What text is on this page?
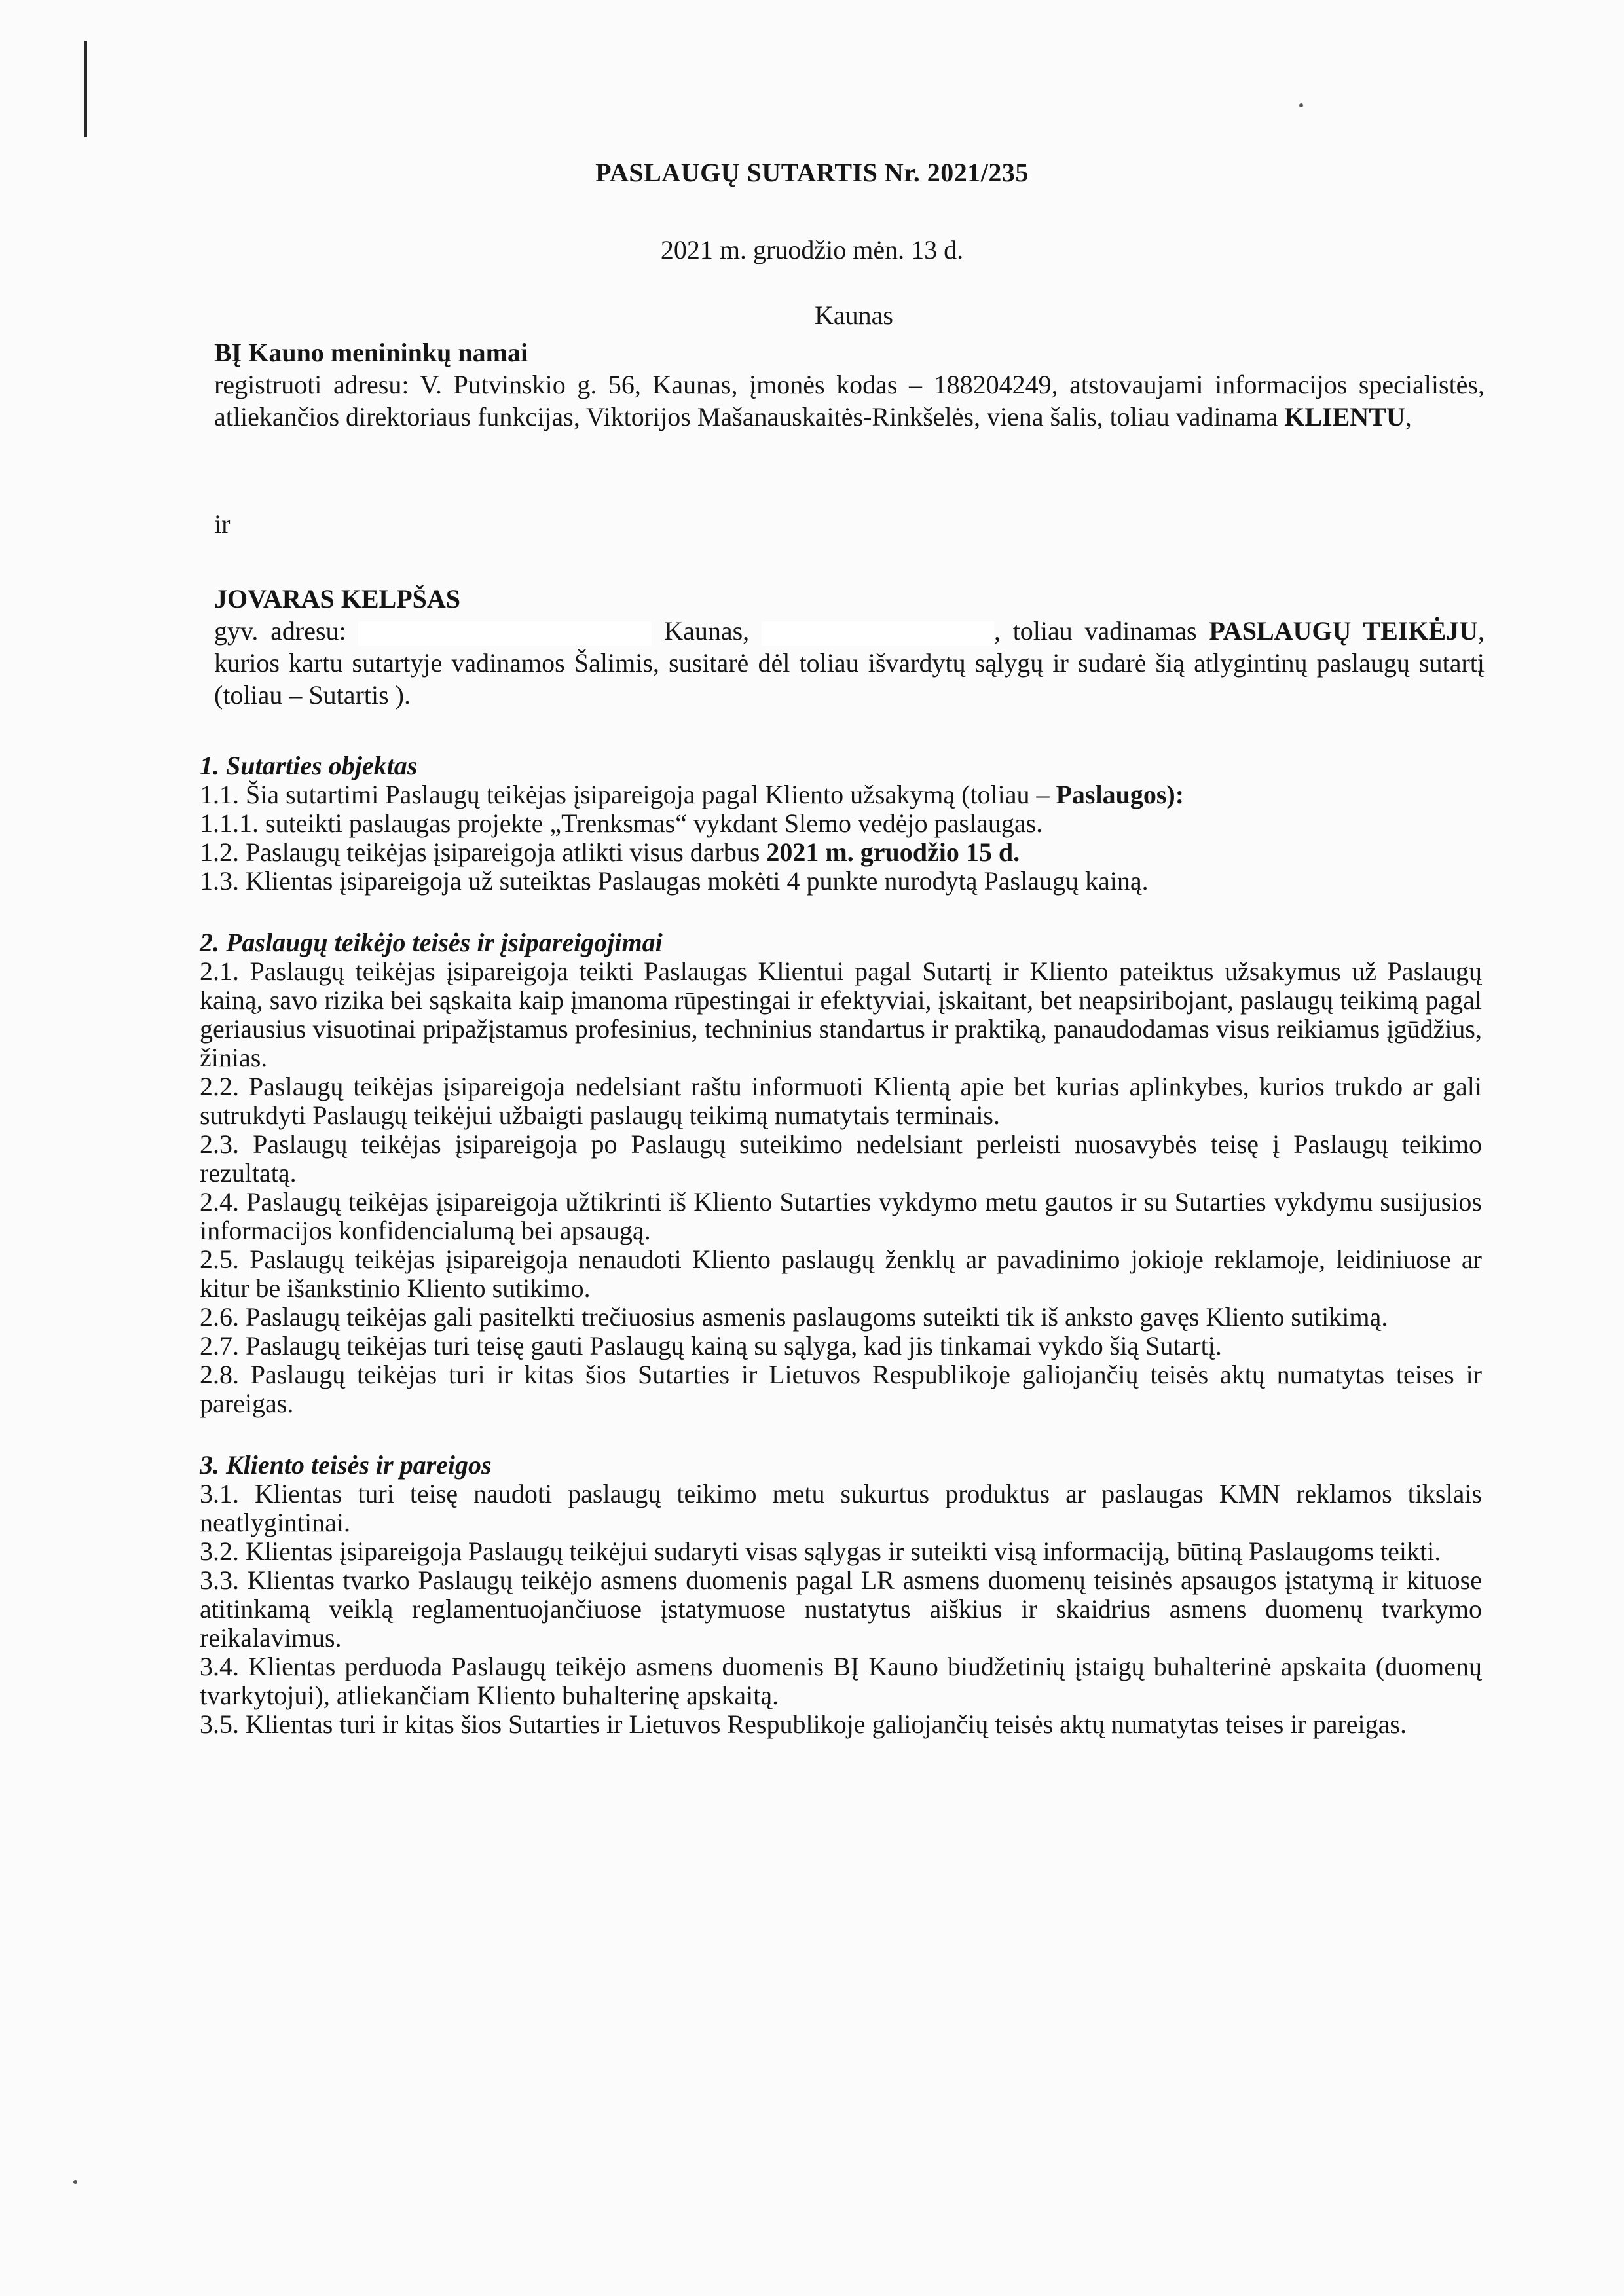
PASLAUGŲ SUTARTIS Nr. 2021/235
2021 m. gruodžio mėn. 13 d.
Kaunas
BĮ Kauno menininkų namai
registruoti adresu: V. Putvinskio g. 56, Kaunas, įmonės kodas – 188204249, atstovaujami informacijos specialistės, atliekančios direktoriaus funkcijas, Viktorijos Mašanauskaitės-Rinkšelės, viena šalis, toliau vadinama KLIENTU,
ir
JOVARAS KELPŠAS
gyv. adresu:	Kaunas,	, toliau vadinamas PASLAUGŲ TEIKĖJU, kurios kartu sutartyje vadinamos Šalimis, susitarė dėl toliau išvardytų sąlygų ir sudarė šią atlygintinų paslaugų sutartį (toliau – Sutartis ).
1. Sutarties objektas
1.1. Šia sutartimi Paslaugų teikėjas įsipareigoja pagal Kliento užsakymą (toliau – Paslaugos):
1.1.1. suteikti paslaugas projekte „Trenksmas“ vykdant Slemo vedėjo paslaugas.
1.2. Paslaugų teikėjas įsipareigoja atlikti visus darbus 2021 m. gruodžio 15 d.
1.3. Klientas įsipareigoja už suteiktas Paslaugas mokėti 4 punkte nurodytą Paslaugų kainą.
2. Paslaugų teikėjo teisės ir įsipareigojimai
2.1. Paslaugų teikėjas įsipareigoja teikti Paslaugas Klientui pagal Sutartį ir Kliento pateiktus užsakymus už Paslaugų kainą, savo rizika bei sąskaita kaip įmanoma rūpestingai ir efektyviai, įskaitant, bet neapsiribojant, paslaugų teikimą pagal geriausius visuotinai pripažįstamus profesinius, techninius standartus ir praktiką, panaudodamas visus reikiamus įgūdžius, žinias.
2.2. Paslaugų teikėjas įsipareigoja nedelsiant raštu informuoti Klientą apie bet kurias aplinkybes, kurios trukdo ar gali sutrukdyti Paslaugų teikėjui užbaigti paslaugų teikimą numatytais terminais.
2.3. Paslaugų teikėjas įsipareigoja po Paslaugų suteikimo nedelsiant perleisti nuosavybės teisę į Paslaugų teikimo rezultatą.
2.4. Paslaugų teikėjas įsipareigoja užtikrinti iš Kliento Sutarties vykdymo metu gautos ir su Sutarties vykdymu susijusios informacijos konfidencialumą bei apsaugą.
2.5. Paslaugų teikėjas įsipareigoja nenaudoti Kliento paslaugų ženklų ar pavadinimo jokioje reklamoje, leidiniuose ar kitur be išankstinio Kliento sutikimo.
2.6. Paslaugų teikėjas gali pasitelkti trečiuosius asmenis paslaugoms suteikti tik iš anksto gavęs Kliento sutikimą.
2.7. Paslaugų teikėjas turi teisę gauti Paslaugų kainą su sąlyga, kad jis tinkamai vykdo šią Sutartį.
2.8. Paslaugų teikėjas turi ir kitas šios Sutarties ir Lietuvos Respublikoje galiojančių teisės aktų numatytas teises ir pareigas.
3. Kliento teisės ir pareigos
3.1. Klientas turi teisę naudoti paslaugų teikimo metu sukurtus produktus ar paslaugas KMN reklamos tikslais neatlygintinai.
3.2. Klientas įsipareigoja Paslaugų teikėjui sudaryti visas sąlygas ir suteikti visą informaciją, būtiną Paslaugoms teikti.
3.3. Klientas tvarko Paslaugų teikėjo asmens duomenis pagal LR asmens duomenų teisinės apsaugos įstatymą ir kituose atitinkamą veiklą reglamentuojančiuose įstatymuose nustatytus aiškius ir skaidrius asmens duomenų tvarkymo reikalavimus.
3.4. Klientas perduoda Paslaugų teikėjo asmens duomenis BĮ Kauno biudžetinių įstaigų buhalterinė apskaita (duomenų tvarkytojui), atliekančiam Kliento buhalterinę apskaitą.
3.5. Klientas turi ir kitas šios Sutarties ir Lietuvos Respublikoje galiojančių teisės aktų numatytas teises ir pareigas.
